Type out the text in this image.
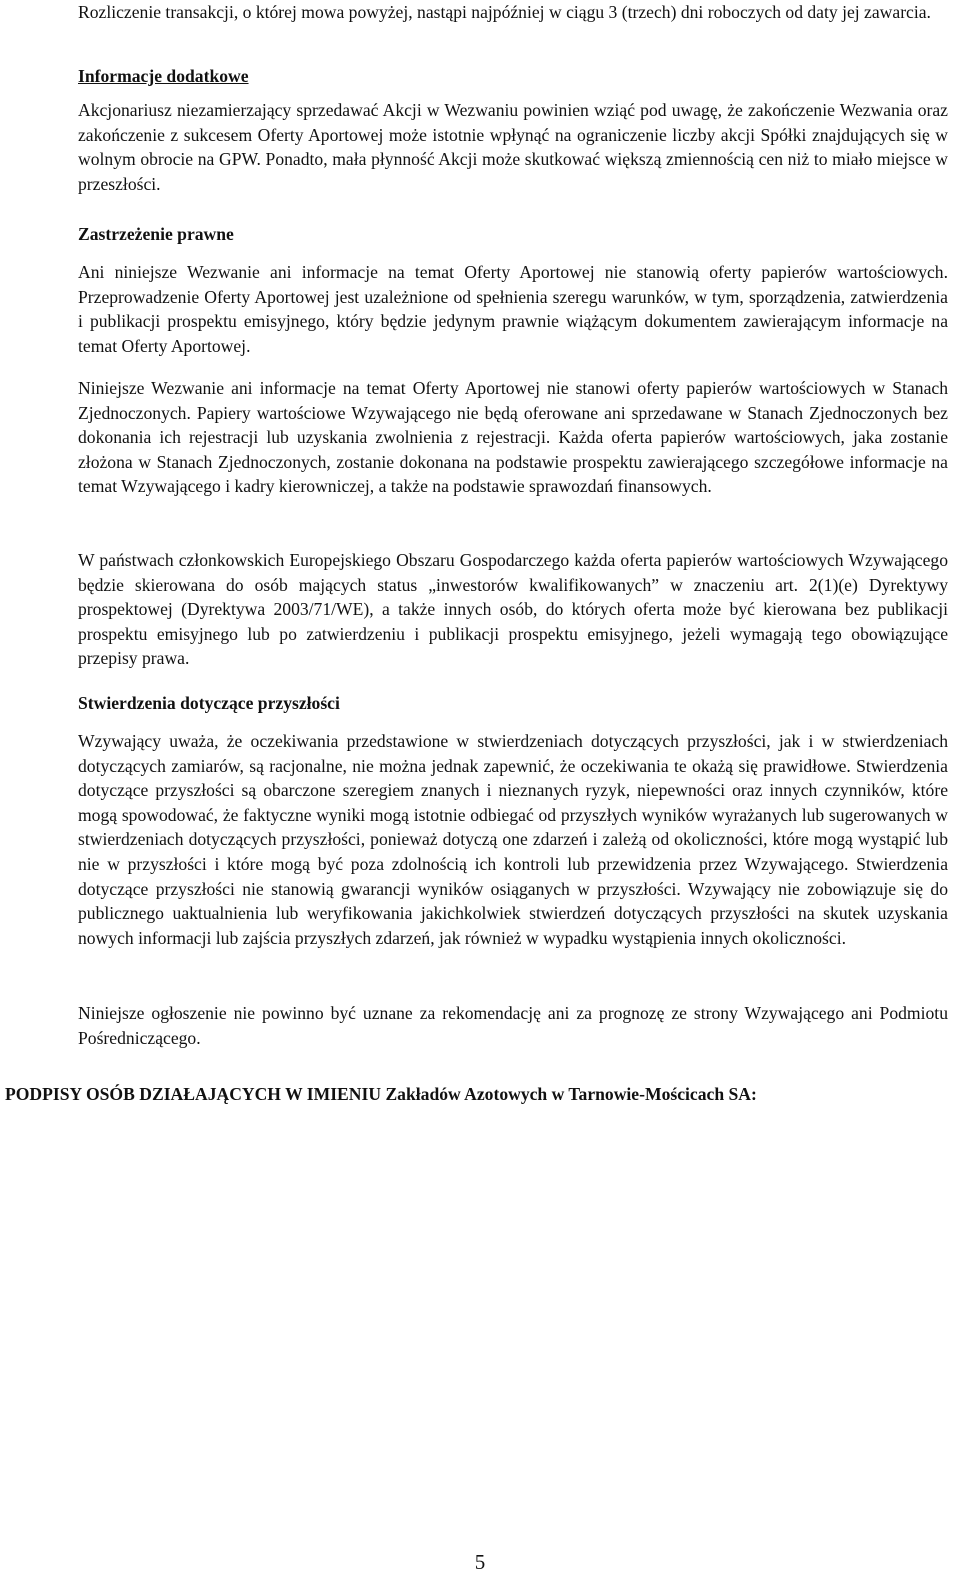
Rozliczenie transakcji, o której mowa powyżej, nastąpi najpóźniej w ciągu 3 (trzech) dni roboczych od daty jej zawarcia.

Informacje dodatkowe

Akcjonariusz niezamierzający sprzedawać Akcji w Wezwaniu powinien wziąć pod uwagę, że zakończenie Wezwania oraz zakończenie z sukcesem Oferty Aportowej może istotnie wpłynąć na ograniczenie liczby akcji Spółki znajdujących się w wolnym obrocie na GPW. Ponadto, mała płynność Akcji może skutkować większą zmiennością cen niż to miało miejsce w przeszłości.

Zastrzeżenie prawne

Ani niniejsze Wezwanie ani informacje na temat Oferty Aportowej nie stanowią oferty papierów wartościowych. Przeprowadzenie Oferty Aportowej jest uzależnione od spełnienia szeregu warunków, w tym, sporządzenia, zatwierdzenia i publikacji prospektu emisyjnego, który będzie jedynym prawnie wiążącym dokumentem zawierającym informacje na temat Oferty Aportowej.

Niniejsze Wezwanie ani informacje na temat Oferty Aportowej nie stanowi oferty papierów wartościowych w Stanach Zjednoczonych. Papiery wartościowe Wzywającego nie będą oferowane ani sprzedawane w Stanach Zjednoczonych bez dokonania ich rejestracji lub uzyskania zwolnienia z rejestracji. Każda oferta papierów wartościowych, jaka zostanie złożona w Stanach Zjednoczonych, zostanie dokonana na podstawie prospektu zawierającego szczegółowe informacje na temat Wzywającego i kadry kierowniczej, a także na podstawie sprawozdań finansowych.

W państwach członkowskich Europejskiego Obszaru Gospodarczego każda oferta papierów wartościowych Wzywającego będzie skierowana do osób mających status „inwestorów kwalifikowanych” w znaczeniu art. 2(1)(e) Dyrektywy prospektowej (Dyrektywa 2003/71/WE), a także innych osób, do których oferta może być kierowana bez publikacji prospektu emisyjnego lub po zatwierdzeniu i publikacji prospektu emisyjnego, jeżeli wymagają tego obowiązujące przepisy prawa.

Stwierdzenia dotyczące przyszłości

Wzywający uważa, że oczekiwania przedstawione w stwierdzeniach dotyczących przyszłości, jak i w stwierdzeniach dotyczących zamiarów, są racjonalne, nie można jednak zapewnić, że oczekiwania te okażą się prawidłowe. Stwierdzenia dotyczące przyszłości są obarczone szeregiem znanych i nieznanych ryzyk, niepewności oraz innych czynników, które mogą spowodować, że faktyczne wyniki mogą istotnie odbiegać od przyszłych wyników wyrażanych lub sugerowanych w stwierdzeniach dotyczących przyszłości, ponieważ dotyczą one zdarzeń i zależą od okoliczności, które mogą wystąpić lub nie w przyszłości i które mogą być poza zdolnością ich kontroli lub przewidzenia przez Wzywającego. Stwierdzenia dotyczące przyszłości nie stanowią gwarancji wyników osiąganych w przyszłości. Wzywający nie zobowiązuje się do publicznego uaktualnienia lub weryfikowania jakichkolwiek stwierdzeń dotyczących przyszłości na skutek uzyskania nowych informacji lub zajścia przyszłych zdarzeń, jak również w wypadku wystąpienia innych okoliczności.

Niniejsze ogłoszenie nie powinno być uznane za rekomendację ani za prognozę ze strony Wzywającego ani Podmiotu Pośredniczącego.

PODPISY OSÓB DZIAŁAJĄCYCH W IMIENIU Zakładów Azotowych w Tarnowie-Mościcach SA:

5
